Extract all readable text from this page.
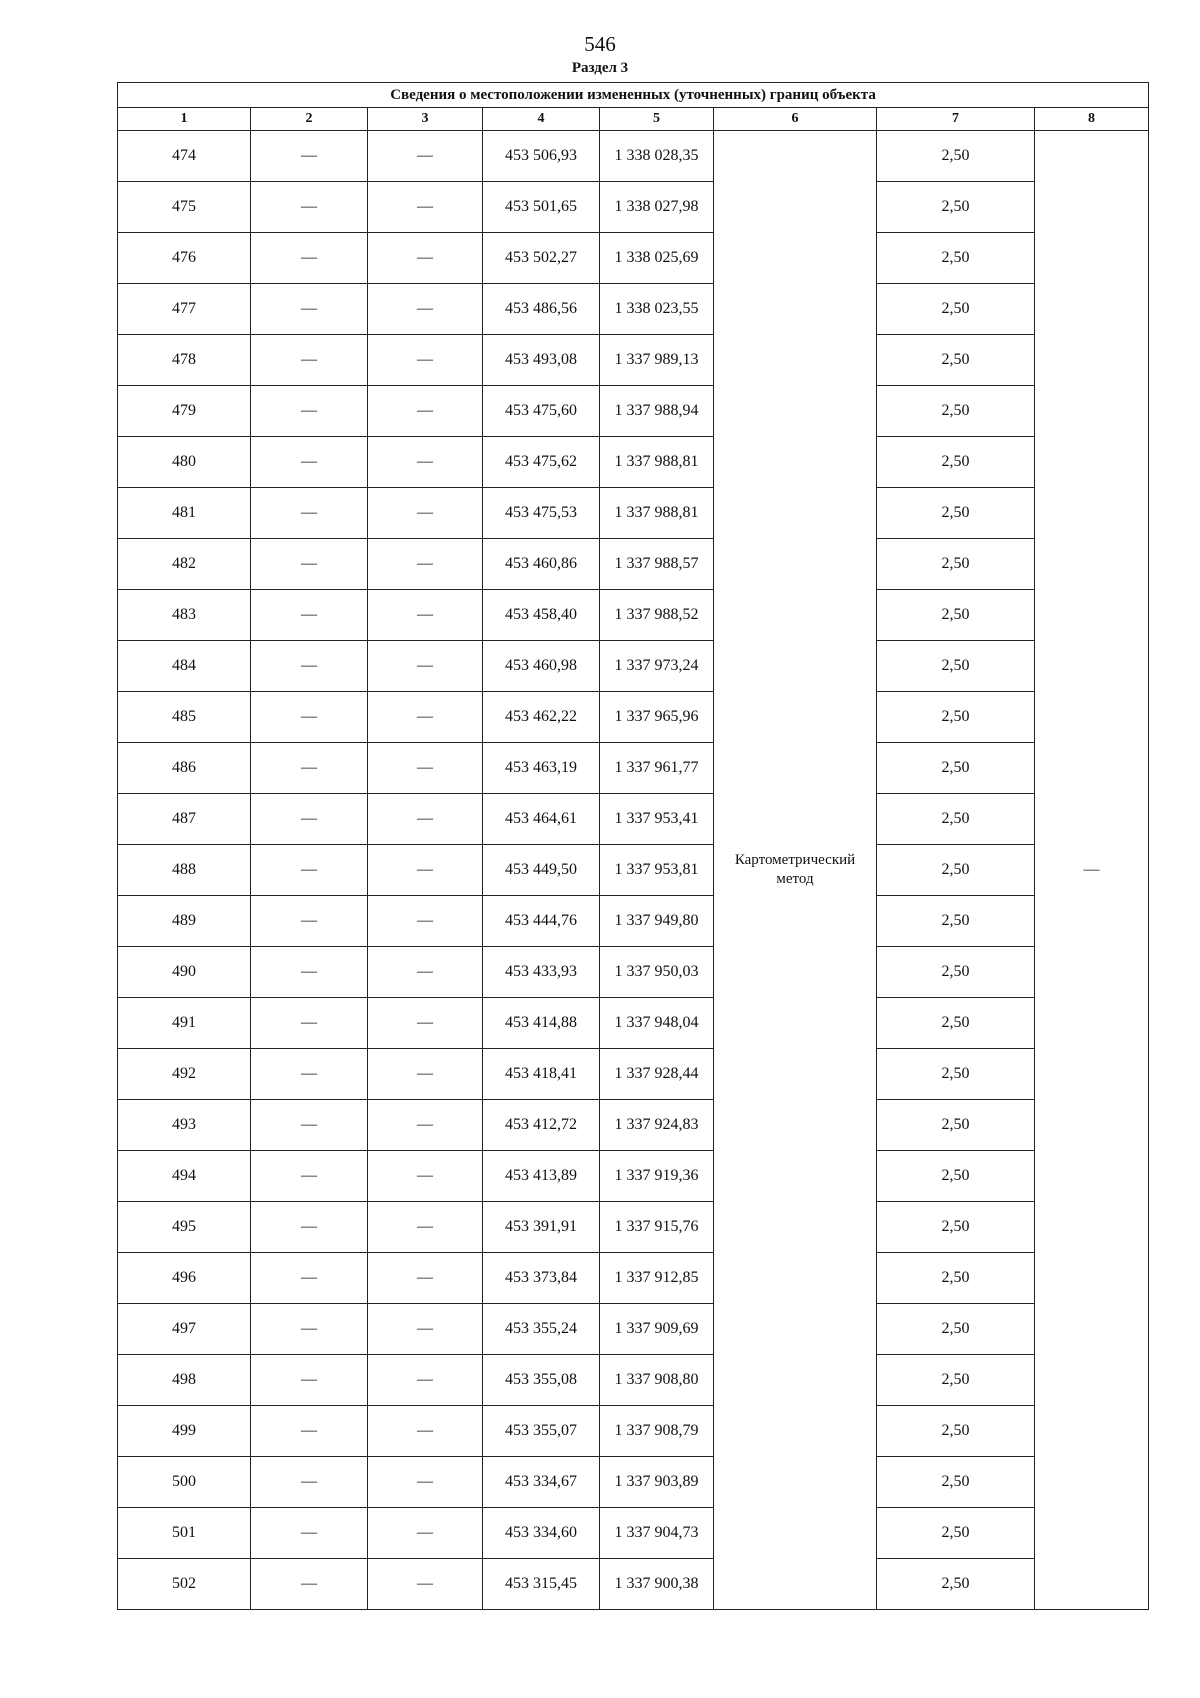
546
Раздел 3
Сведения о местоположении измененных (уточненных) границ объекта							
1	2	3	4	5	6	7	8
474	—	—	453 506,93	1 338 028,35	Картометрический метод	2,50	—
475	—	—	453 501,65	1 338 027,98		2,50	
476	—	—	453 502,27	1 338 025,69		2,50	
477	—	—	453 486,56	1 338 023,55		2,50	
478	—	—	453 493,08	1 337 989,13		2,50	
479	—	—	453 475,60	1 337 988,94		2,50	
480	—	—	453 475,62	1 337 988,81		2,50	
481	—	—	453 475,53	1 337 988,81		2,50	
482	—	—	453 460,86	1 337 988,57		2,50	
483	—	—	453 458,40	1 337 988,52		2,50	
484	—	—	453 460,98	1 337 973,24		2,50	
485	—	—	453 462,22	1 337 965,96		2,50	
486	—	—	453 463,19	1 337 961,77		2,50	
487	—	—	453 464,61	1 337 953,41		2,50	
488	—	—	453 449,50	1 337 953,81		2,50	
489	—	—	453 444,76	1 337 949,80		2,50	
490	—	—	453 433,93	1 337 950,03		2,50	
491	—	—	453 414,88	1 337 948,04		2,50	
492	—	—	453 418,41	1 337 928,44		2,50	
493	—	—	453 412,72	1 337 924,83		2,50	
494	—	—	453 413,89	1 337 919,36		2,50	
495	—	—	453 391,91	1 337 915,76		2,50	
496	—	—	453 373,84	1 337 912,85		2,50	
497	—	—	453 355,24	1 337 909,69		2,50	
498	—	—	453 355,08	1 337 908,80		2,50	
499	—	—	453 355,07	1 337 908,79		2,50	
500	—	—	453 334,67	1 337 903,89		2,50	
501	—	—	453 334,60	1 337 904,73		2,50	
502	—	—	453 315,45	1 337 900,38		2,50	
